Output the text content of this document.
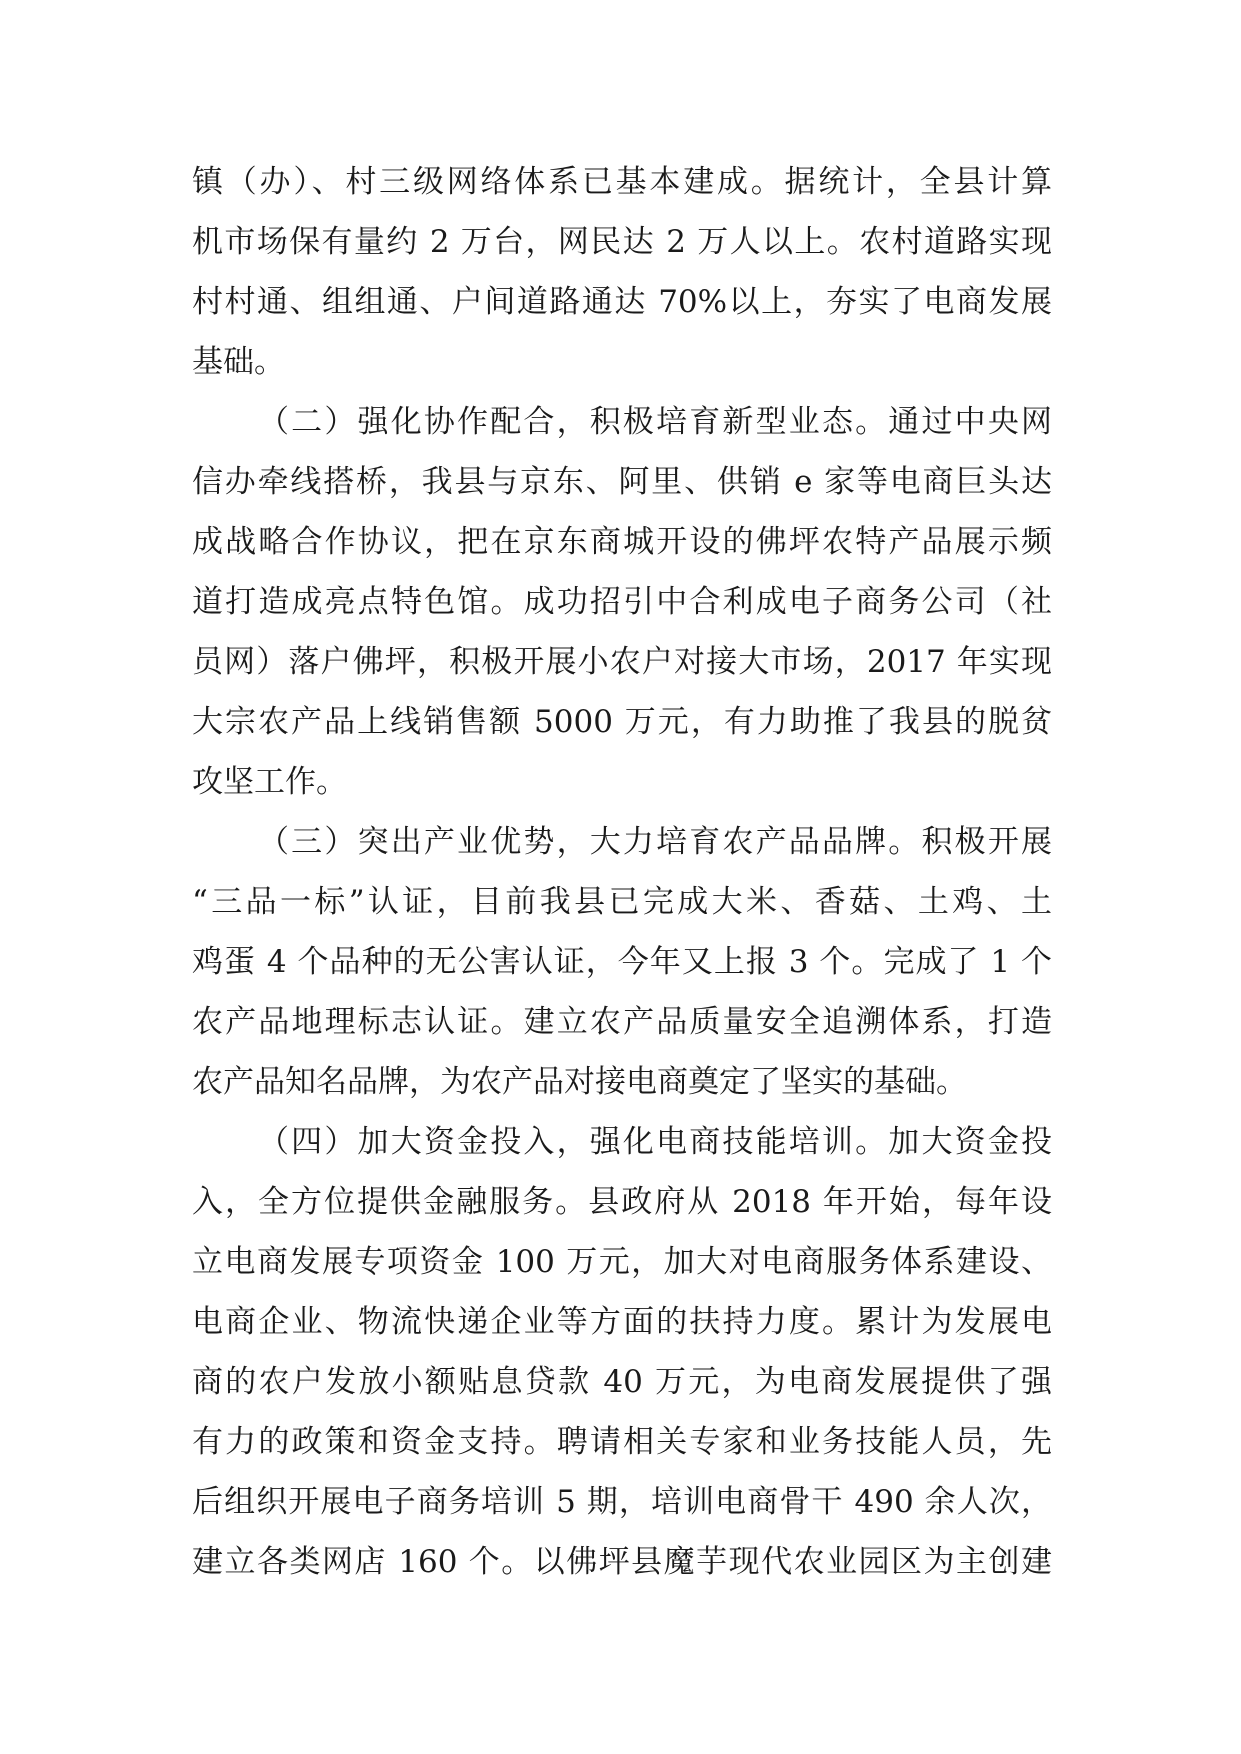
镇（办）、村三级网络体系已基本建成。据统计，全县计算
机市场保有量约 2 万台，网民达 2 万人以上。农村道路实现
村村通、组组通、户间道路通达 70%以上，夯实了电商发展
基础。
（二）强化协作配合，积极培育新型业态。通过中央网
信办牵线搭桥，我县与京东、阿里、供销 e 家等电商巨头达
成战略合作协议，把在京东商城开设的佛坪农特产品展示频
道打造成亮点特色馆。成功招引中合利成电子商务公司（社
员网）落户佛坪，积极开展小农户对接大市场，2017 年实现
大宗农产品上线销售额 5000 万元，有力助推了我县的脱贫
攻坚工作。
（三）突出产业优势，大力培育农产品品牌。积极开展
“三品一标”认证，目前我县已完成大米、香菇、土鸡、土
鸡蛋 4 个品种的无公害认证，今年又上报 3 个。完成了 1 个
农产品地理标志认证。建立农产品质量安全追溯体系，打造
农产品知名品牌，为农产品对接电商奠定了坚实的基础。
（四）加大资金投入，强化电商技能培训。加大资金投
入，全方位提供金融服务。县政府从 2018 年开始，每年设
立电商发展专项资金 100 万元，加大对电商服务体系建设、
电商企业、物流快递企业等方面的扶持力度。累计为发展电
商的农户发放小额贴息贷款 40 万元，为电商发展提供了强
有力的政策和资金支持。聘请相关专家和业务技能人员，先
后组织开展电子商务培训 5 期，培训电商骨干 490 余人次，
建立各类网店 160 个。以佛坪县魔芋现代农业园区为主创建
